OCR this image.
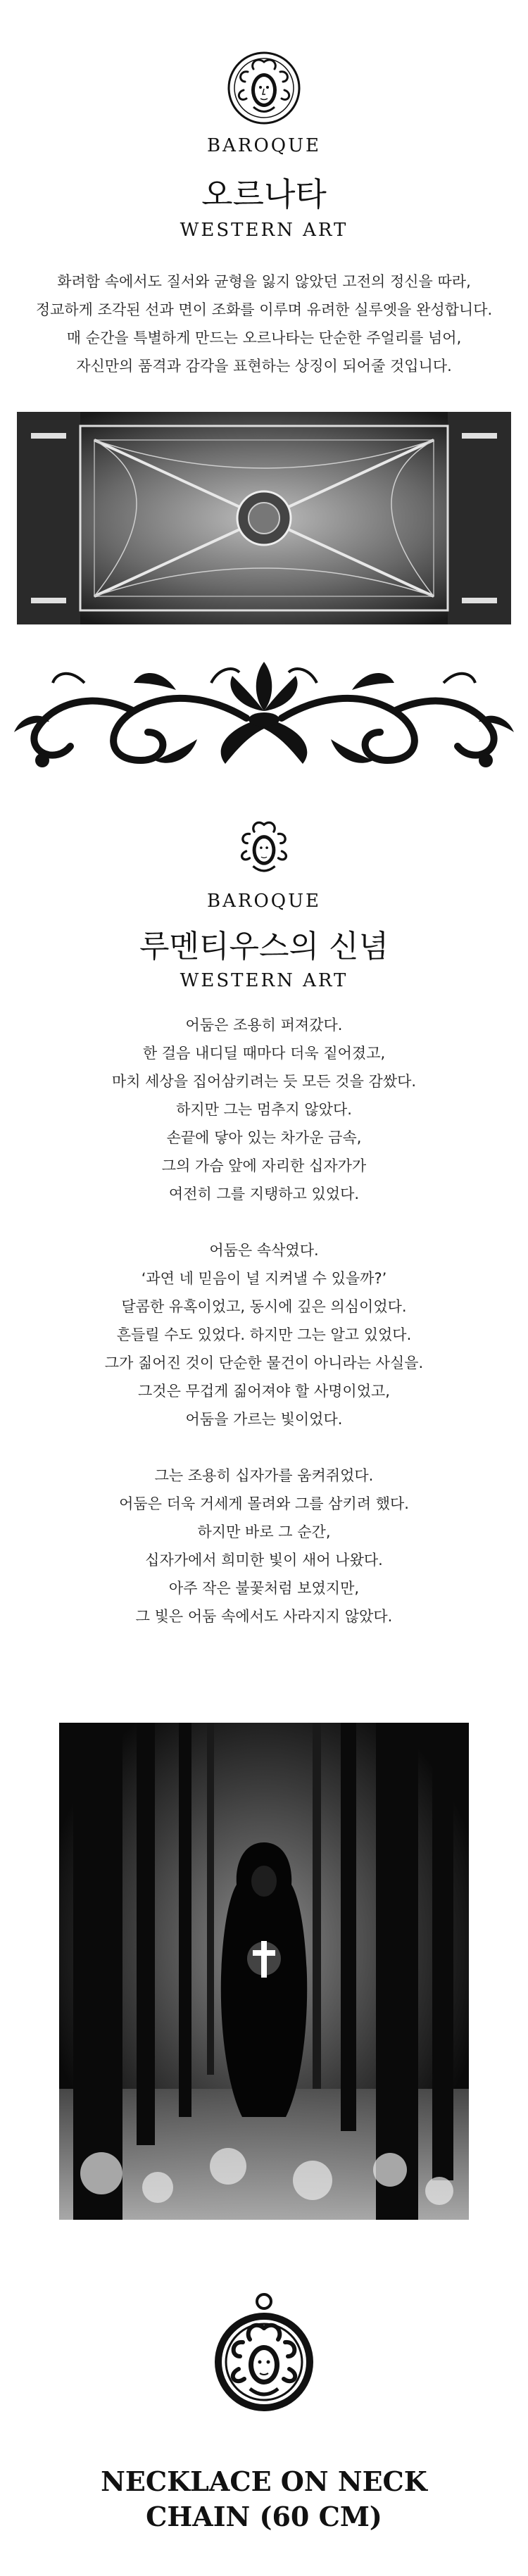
BAROQUE
오르나타
WESTERN ART
화려함 속에서도 질서와 균형을 잃지 않았던 고전의 정신을 따라,
정교하게 조각된 선과 면이 조화를 이루며 유려한 실루엣을 완성합니다.
매 순간을 특별하게 만드는 오르나타는 단순한 주얼리를 넘어,
자신만의 품격과 감각을 표현하는 상징이 되어줄 것입니다.
BAROQUE
루멘티우스의 신념
WESTERN ART

어둠은 조용히 퍼져갔다.

한 걸음 내디딜 때마다 더욱 짙어졌고,

마치 세상을 집어삼키려는 듯 모든 것을 감쌌다.

하지만 그는 멈추지 않았다.

손끝에 닿아 있는 차가운 금속,

그의 가슴 앞에 자리한 십자가가

여전히 그를 지탱하고 있었다.

어둠은 속삭였다.

‘과연 네 믿음이 널 지켜낼 수 있을까?’

달콤한 유혹이었고, 동시에 깊은 의심이었다.

흔들릴 수도 있었다. 하지만 그는 알고 있었다.

그가 짊어진 것이 단순한 물건이 아니라는 사실을.

그것은 무겁게 짊어져야 할 사명이었고,

어둠을 가르는 빛이었다.

그는 조용히 십자가를 움켜쥐었다.

어둠은 더욱 거세게 몰려와 그를 삼키려 했다.

하지만 바로 그 순간,

십자가에서 희미한 빛이 새어 나왔다.

아주 작은 불꽃처럼 보였지만,

그 빛은 어둠 속에서도 사라지지 않았다.

NECKLACE ON NECK
CHAIN (60 CM)
